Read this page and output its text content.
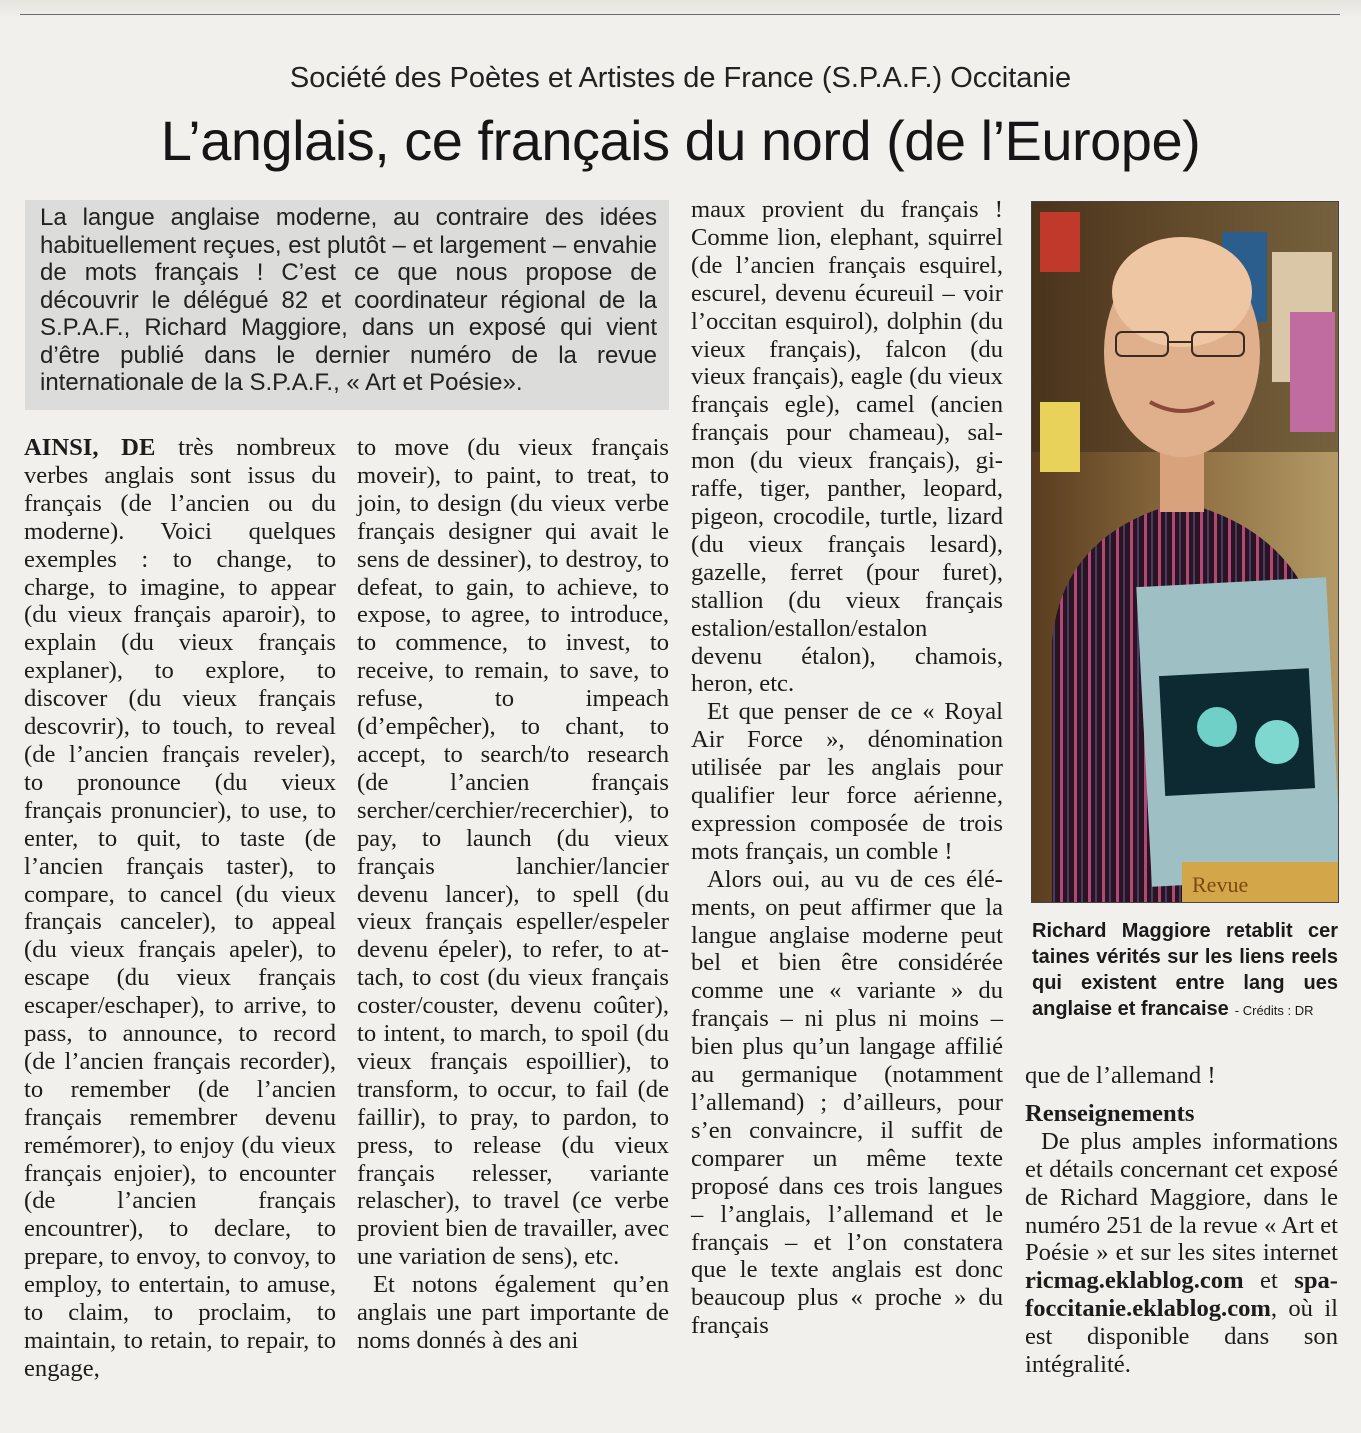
Société des Poètes et Artistes de France (S.P.A.F.) Occitanie
L’anglais, ce français du nord (de l’Europe)
La langue anglaise moderne, au contraire des idées habituellement reçues, est plutôt – et largement – envahie de mots français ! C’est ce que nous propose de découvrir le délégué 82 et coordinateur régional de la S.P.A.F., Richard Maggiore, dans un exposé qui vient d’être publié dans le dernier numéro de la revue internationale de la S.P.A.F., « Art et Poésie».

AINSI, DE très nombreux verbes anglais sont issus du français (de l’ancien ou du moderne). Voici quelques exemples : to change, to charge, to imagine, to appear (du vieux français aparoir), to explain (du vieux français explaner), to explore, to discover (du vieux français descovrir), to touch, to reveal (de l’ancien français reveler), to pronounce (du vieux français pronuncier), to use, to enter, to quit, to taste (de l’ancien français taster), to compare, to cancel (du vieux français canceler), to appeal (du vieux français apeler), to escape (du vieux français escaper/eschaper), to arrive, to pass, to announce, to record (de l’ancien français recorder), to remember (de l’ancien français remembrer devenu remémorer), to enjoy (du vieux français enjoier), to encounter (de l’ancien français encountrer), to declare, to prepare, to envoy, to convoy, to employ, to entertain, to amuse, to claim, to proclaim, to maintain, to retain, to repair, to engage,

to move (du vieux français moveir), to paint, to treat, to join, to design (du vieux verbe français designer qui avait le sens de dessiner), to destroy, to defeat, to gain, to achieve, to expose, to agree, to introduce, to commence, to invest, to receive, to remain, to save, to refuse, to impeach (d’empêcher), to chant, to accept, to search/to research (de l’ancien français sercher/cerchier/recerchier), to pay, to launch (du vieux français lanchier/lancier devenu lancer), to spell (du vieux français espeller/espeler devenu épeler), to refer, to attach, to cost (du vieux français coster/couster, devenu coûter), to intent, to march, to spoil (du vieux français espoillier), to transform, to occur, to fail (de faillir), to pray, to pardon, to press, to release (du vieux français relesser, variante relascher), to travel (ce verbe provient bien de travailler, avec une variation de sens), etc.

Et notons également qu’en anglais une part importante de noms donnés à des ani

maux provient du français ! Comme lion, elephant, squirrel (de l’ancien français esquirel, escurel, devenu écureuil – voir l’occitan esquirol), dolphin (du vieux français), falcon (du vieux français), eagle (du vieux français egle), camel (ancien français pour chameau), salmon (du vieux français), giraffe, tiger, panther, leopard, pigeon, crocodile, turtle, lizard (du vieux français lesard), gazelle, ferret (pour furet), stallion (du vieux français estalion/estallon/estalon devenu étalon), chamois, heron, etc.

Et que penser de ce « Royal Air Force », dénomination utilisée par les anglais pour qualifier leur force aérienne, expression composée de trois mots français, un comble !

Alors oui, au vu de ces éléments, on peut affirmer que la langue anglaise moderne peut bel et bien être considérée comme une « variante » du français – ni plus ni moins – bien plus qu’un langage affilié au germanique (notamment l’allemand) ; d’ailleurs, pour s’en convaincre, il suffit de comparer un même texte proposé dans ces trois langues – l’anglais, l’allemand et le français – et l’on constatera que le texte anglais est donc beaucoup plus « proche » du français

Revue
Richard Maggiore retablit cer taines vérités sur les liens reels qui existent entre lang ues anglaise et francaise - Crédits : DR

que de l’allemand !

Renseignements

De plus amples informations et détails concernant cet exposé de Richard Maggiore, dans le numéro 251 de la revue « Art et Poésie » et sur les sites internet ricmag.eklablog.com et spafoccitanie.eklablog.com, où il est disponible dans son intégralité.
